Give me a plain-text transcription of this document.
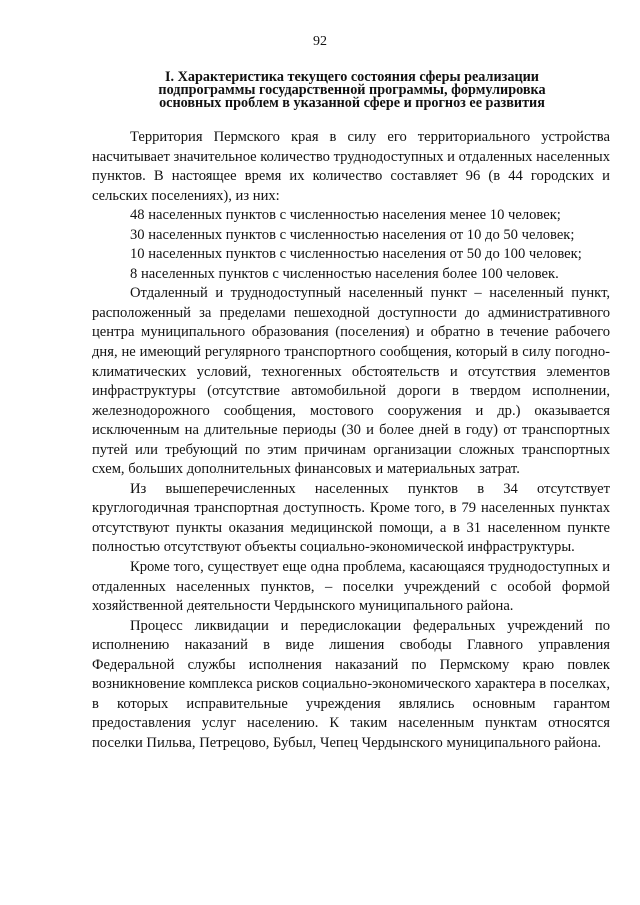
92
I. Характеристика текущего состояния сферы реализации
подпрограммы государственной программы, формулировка
основных проблем в указанной сфере и прогноз ее развития

Территория Пермского края в силу его территориального устройства насчитывает значительное количество труднодоступных и отдаленных населенных пунктов. В настоящее время их количество составляет 96 (в 44 городских и сельских поселениях), из них:

48 населенных пунктов с численностью населения менее 10 человек;

30 населенных пунктов с численностью населения от 10 до 50 человек;

10 населенных пунктов с численностью населения от 50 до 100 человек;

8 населенных пунктов с численностью населения более 100 человек.

Отдаленный и труднодоступный населенный пункт – населенный пункт, расположенный за пределами пешеходной доступности до административного центра муниципального образования (поселения) и обратно в течение рабочего дня, не имеющий регулярного транспортного сообщения, который в силу погодно-климатических условий, техногенных обстоятельств и отсутствия элементов инфраструктуры (отсутствие автомобильной дороги в твердом исполнении, железнодорожного сообщения, мостового сооружения и др.) оказывается исключенным на длительные периоды (30 и более дней в году) от транспортных путей или требующий по этим причинам организации сложных транспортных схем, больших дополнительных финансовых и материальных затрат.

Из вышеперечисленных населенных пунктов в 34 отсутствует круглогодичная транспортная доступность. Кроме того, в 79 населенных пунктах отсутствуют пункты оказания медицинской помощи, а в 31 населенном пункте полностью отсутствуют объекты социально-экономической инфраструктуры.

Кроме того, существует еще одна проблема, касающаяся труднодоступных и отдаленных населенных пунктов, – поселки учреждений с особой формой хозяйственной деятельности Чердынского муниципального района.

Процесс ликвидации и передислокации федеральных учреждений по исполнению наказаний в виде лишения свободы Главного управления Федеральной службы исполнения наказаний по Пермскому краю повлек возникновение комплекса рисков социально-экономического характера в поселках, в которых исправительные учреждения являлись основным гарантом предоставления услуг населению. К таким населенным пунктам относятся поселки Пильва, Петрецово, Бубыл, Чепец Чердынского муниципального района.
